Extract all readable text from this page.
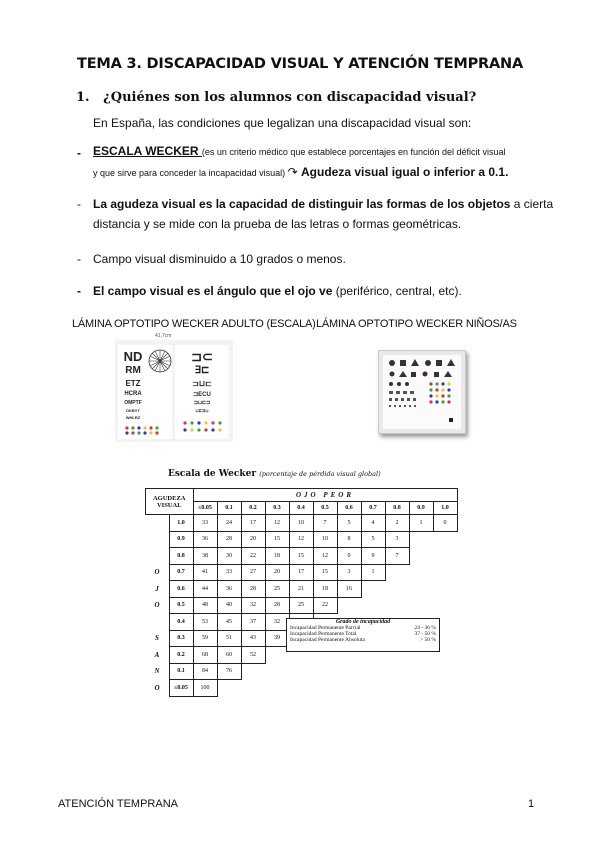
TEMA 3. DISCAPACIDAD VISUAL Y ATENCIÓN TEMPRANA
1. ¿Quiénes son los alumnos con discapacidad visual?
En España, las condiciones que legalizan una discapacidad visual son:
- ESCALA WECKER (es un criterio médico que establece porcentajes en función del déficit visual
y que sirve para conceder la incapacidad visual) ↷ Agudeza visual igual o inferior a 0.1.
- La agudeza visual es la capacidad de distinguir las formas de los objetos a cierta
distancia y se mide con la prueba de las letras o formas geométricas.
- Campo visual disminuido a 10 grados o menos.
- El campo visual es el ángulo que el ojo ve (periférico, central, etc).
LÁMINA OPTOTIPO WECKER ADULTO (ESCALA) LÁMINA OPTOTIPO WECKER NIÑOS/AS
41,7cm
ND
RM
ETZ
HCRA
OMPTF
DKBYT
WHLRZ
⊐⊂
∃⊏
⊐⊔⊏
⊐ECU
⊐⊔⊏⊐
⊔⊏⊐⊔
Escala de Wecker (porcentaje de pérdida visual global)
AGUDEZA VISUAL		OJO PEOR										
		≤0.05	0.1	0.2	0.3	0.4	0.5	0.6	0.7	0.8	0.9	1.0
	1.0	33	24	17	12	10	7	5	4	2	1	0
	0.9	36	28	20	15	12	10	8	5	3		
	0.8	38	30	22	18	15	12	0	9	7		
O	0.7	41	33	27	20	17	15	3	1			
J	0.6	44	36	28	25	21	18	16				
O	0.5	48	40	32	28	25	22					
	0.4	53	45	37	32							
S	0.3	59	51	43	39							
A	0.2	68	60	52								
N	0.1	84	76									
O	≤0.05	100										
Grado de incapacidad
Incapacidad Permanente Parcial	24 - 36 %
Incapacidad Permanente Total	37 - 50 %
Incapacidad Permanente Absoluta	> 50 %
ATENCIÓN TEMPRANA	1
